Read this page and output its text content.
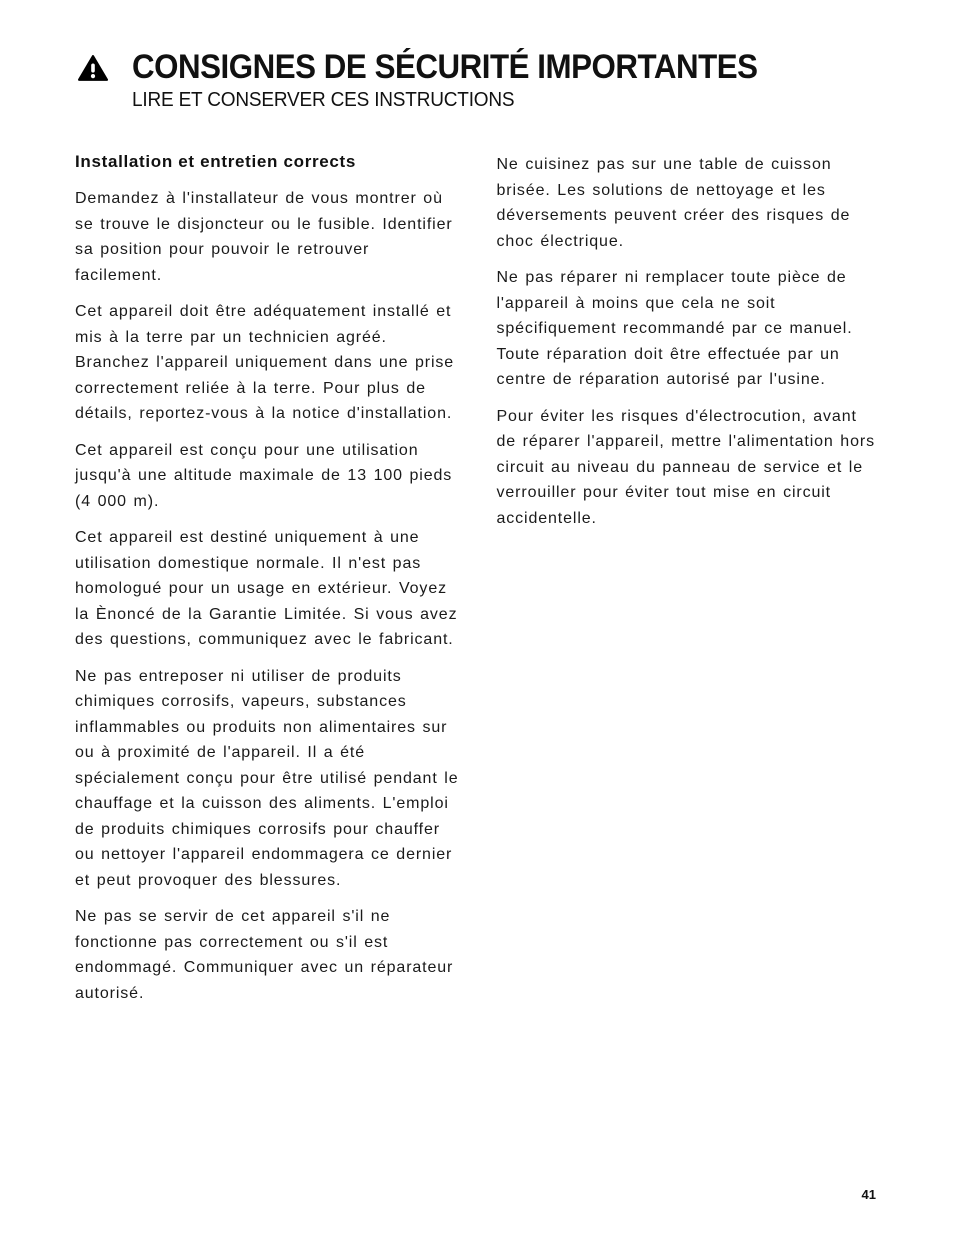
CONSIGNES DE SÉCURITÉ IMPORTANTES LIRE ET CONSERVER CES INSTRUCTIONS
Installation et entretien corrects

Demandez à l'installateur de vous montrer où se trouve le disjoncteur ou le fusible. Identifier sa position pour pouvoir le retrouver facilement.

Cet appareil doit être adéquatement installé et mis à la terre par un technicien agréé. Branchez l'appareil uniquement dans une prise correctement reliée à la terre. Pour plus de détails, reportez-vous à la notice d'installation.

Cet appareil est conçu pour une utilisation jusqu'à une altitude maximale de 13 100 pieds (4 000 m).

Cet appareil est destiné uniquement à une utilisation domestique normale. Il n'est pas homologué pour un usage en extérieur. Voyez la Ènoncé de la Garantie Limitée. Si vous avez des questions, communiquez avec le fabricant.

Ne pas entreposer ni utiliser de produits chimiques corrosifs, vapeurs, substances inflammables ou produits non alimentaires sur ou à proximité de l'appareil. Il a été spécialement conçu pour être utilisé pendant le chauffage et la cuisson des aliments. L'emploi de produits chimiques corrosifs pour chauffer ou nettoyer l'appareil endommagera ce dernier et peut provoquer des blessures.

Ne pas se servir de cet appareil s'il ne fonctionne pas correctement ou s'il est endommagé. Communiquer avec un réparateur autorisé.

Ne cuisinez pas sur une table de cuisson brisée. Les solutions de nettoyage et les déversements peuvent créer des risques de choc électrique.

Ne pas réparer ni remplacer toute pièce de l'appareil à moins que cela ne soit spécifiquement recommandé par ce manuel. Toute réparation doit être effectuée par un centre de réparation autorisé par l'usine.

Pour éviter les risques d'électrocution, avant de réparer l'appareil, mettre l'alimentation hors circuit au niveau du panneau de service et le verrouiller pour éviter tout mise en circuit accidentelle.

41
